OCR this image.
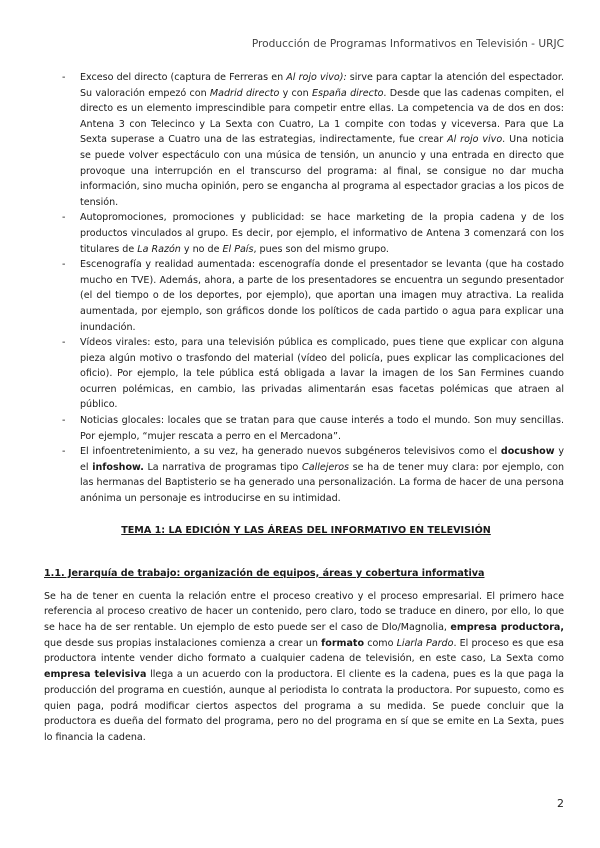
Producción de Programas Informativos en Televisión - URJC
- Exceso del directo (captura de Ferreras en Al rojo vivo): sirve para captar la atención del espectador. Su valoración empezó con Madrid directo y con España directo. Desde que las cadenas compiten, el directo es un elemento imprescindible para competir entre ellas. La competencia va de dos en dos: Antena 3 con Telecinco y La Sexta con Cuatro, La 1 compite con todas y viceversa. Para que La Sexta superase a Cuatro una de las estrategias, indirectamente, fue crear Al rojo vivo. Una noticia se puede volver espectáculo con una música de tensión, un anuncio y una entrada en directo que provoque una interrupción en el transcurso del programa: al final, se consigue no dar mucha información, sino mucha opinión, pero se engancha al programa al espectador gracias a los picos de tensión.
- Autopromociones, promociones y publicidad: se hace marketing de la propia cadena y de los productos vinculados al grupo. Es decir, por ejemplo, el informativo de Antena 3 comenzará con los titulares de La Razón y no de El País, pues son del mismo grupo.
- Escenografía y realidad aumentada: escenografía donde el presentador se levanta (que ha costado mucho en TVE). Además, ahora, a parte de los presentadores se encuentra un segundo presentador (el del tiempo o de los deportes, por ejemplo), que aportan una imagen muy atractiva. La realida aumentada, por ejemplo, son gráficos donde los políticos de cada partido o agua para explicar una inundación.
- Vídeos virales: esto, para una televisión pública es complicado, pues tiene que explicar con alguna pieza algún motivo o trasfondo del material (vídeo del policía, pues explicar las complicaciones del oficio). Por ejemplo, la tele pública está obligada a lavar la imagen de los San Fermines cuando ocurren polémicas, en cambio, las privadas alimentarán esas facetas polémicas que atraen al público.
- Noticias glocales: locales que se tratan para que cause interés a todo el mundo. Son muy sencillas. Por ejemplo, “mujer rescata a perro en el Mercadona”.
- El infoentretenimiento, a su vez, ha generado nuevos subgéneros televisivos como el docushow y el infoshow. La narrativa de programas tipo Callejeros se ha de tener muy clara: por ejemplo, con las hermanas del Baptisterio se ha generado una personalización. La forma de hacer de una persona anónima un personaje es introducirse en su intimidad.
TEMA 1: LA EDICIÓN Y LAS ÁREAS DEL INFORMATIVO EN TELEVISIÓN
1.1. Jerarquía de trabajo: organización de equipos, áreas y cobertura informativa

Se ha de tener en cuenta la relación entre el proceso creativo y el proceso empresarial. El primero hace referencia al proceso creativo de hacer un contenido, pero claro, todo se traduce en dinero, por ello, lo que se hace ha de ser rentable. Un ejemplo de esto puede ser el caso de Dlo/Magnolia, empresa productora, que desde sus propias instalaciones comienza a crear un formato como Liarla Pardo. El proceso es que esa productora intente vender dicho formato a cualquier cadena de televisión, en este caso, La Sexta como empresa televisiva llega a un acuerdo con la productora. El cliente es la cadena, pues es la que paga la producción del programa en cuestión, aunque al periodista lo contrata la productora. Por supuesto, como es quien paga, podrá modificar ciertos aspectos del programa a su medida. Se puede concluir que la productora es dueña del formato del programa, pero no del programa en sí que se emite en La Sexta, pues lo financia la cadena.

2
